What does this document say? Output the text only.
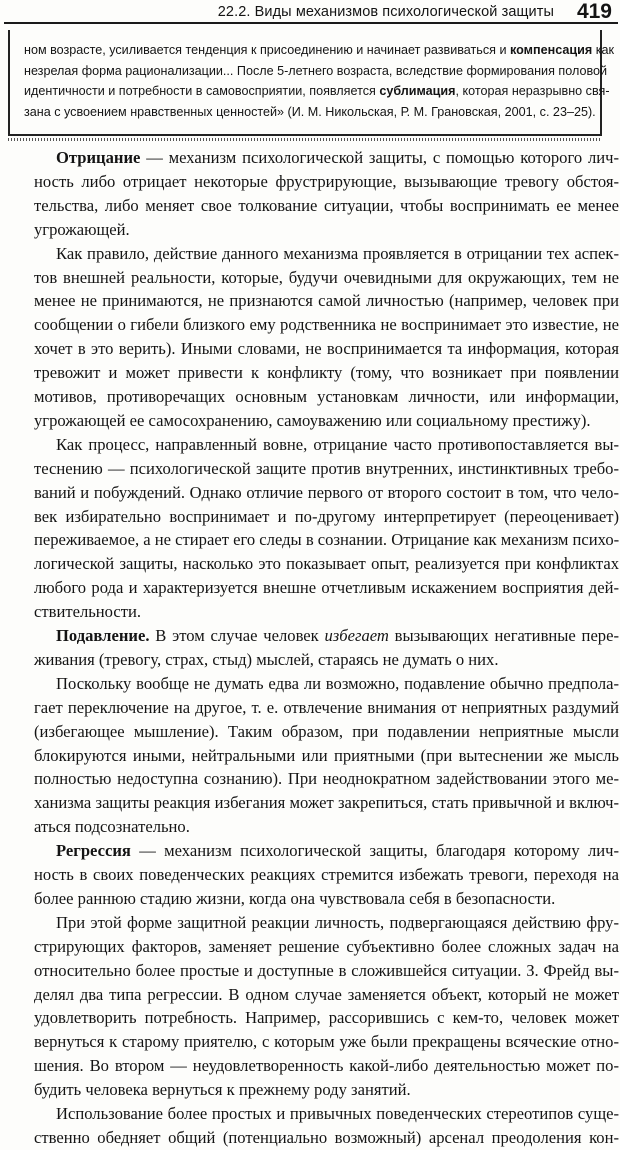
22.2. Виды механизмов психологической защиты 419
ном возрасте, усиливается тенденция к присоединению и начинает развиваться и компенсация как
незрелая форма рационализации... После 5-летнего возраста, вследствие формирования половой
идентичности и потребности в самовосприятии, появляется сублимация, которая неразрывно свя-
зана с усвоением нравственных ценностей» (И. М. Никольская, Р. М. Грановская, 2001, с. 23–25).
Отрицание — механизм психологической защиты, с помощью которого лич-
ность либо отрицает некоторые фрустрирующие, вызывающие тревогу обстоя-
тельства, либо меняет свое толкование ситуации, чтобы воспринимать ее менее
угрожающей.
Как правило, действие данного механизма проявляется в отрицании тех аспек-
тов внешней реальности, которые, будучи очевидными для окружающих, тем не
менее не принимаются, не признаются самой личностью (например, человек при
сообщении о гибели близкого ему родственника не воспринимает это известие, не
хочет в это верить). Иными словами, не воспринимается та информация, которая
тревожит и может привести к конфликту (тому, что возникает при появлении
мотивов, противоречащих основным установкам личности, или информации,
угрожающей ее самосохранению, самоуважению или социальному престижу).
Как процесс, направленный вовне, отрицание часто противопоставляется вы-
теснению — психологической защите против внутренних, инстинктивных требо-
ваний и побуждений. Однако отличие первого от второго состоит в том, что чело-
век избирательно воспринимает и по-другому интерпретирует (переоценивает)
переживаемое, а не стирает его следы в сознании. Отрицание как механизм психо-
логической защиты, насколько это показывает опыт, реализуется при конфликтах
любого рода и характеризуется внешне отчетливым искажением восприятия дей-
ствительности.
Подавление. В этом случае человек избегает вызывающих негативные пере-
живания (тревогу, страх, стыд) мыслей, стараясь не думать о них.
Поскольку вообще не думать едва ли возможно, подавление обычно предпола-
гает переключение на другое, т. е. отвлечение внимания от неприятных раздумий
(избегающее мышление). Таким образом, при подавлении неприятные мысли
блокируются иными, нейтральными или приятными (при вытеснении же мысль
полностью недоступна сознанию). При неоднократном задействовании этого ме-
ханизма защиты реакция избегания может закрепиться, стать привычной и включ-
аться подсознательно.
Регрессия — механизм психологической защиты, благодаря которому лич-
ность в своих поведенческих реакциях стремится избежать тревоги, переходя на
более раннюю стадию жизни, когда она чувствовала себя в безопасности.
При этой форме защитной реакции личность, подвергающаяся действию фру-
стрирующих факторов, заменяет решение субъективно более сложных задач на
относительно более простые и доступные в сложившейся ситуации. З. Фрейд вы-
делял два типа регрессии. В одном случае заменяется объект, который не может
удовлетворить потребность. Например, рассорившись с кем-то, человек может
вернуться к старому приятелю, с которым уже были прекращены всяческие отно-
шения. Во втором — неудовлетворенность какой-либо деятельностью может по-
будить человека вернуться к прежнему роду занятий.
Использование более простых и привычных поведенческих стереотипов суще-
ственно обедняет общий (потенциально возможный) арсенал преодоления кон-
